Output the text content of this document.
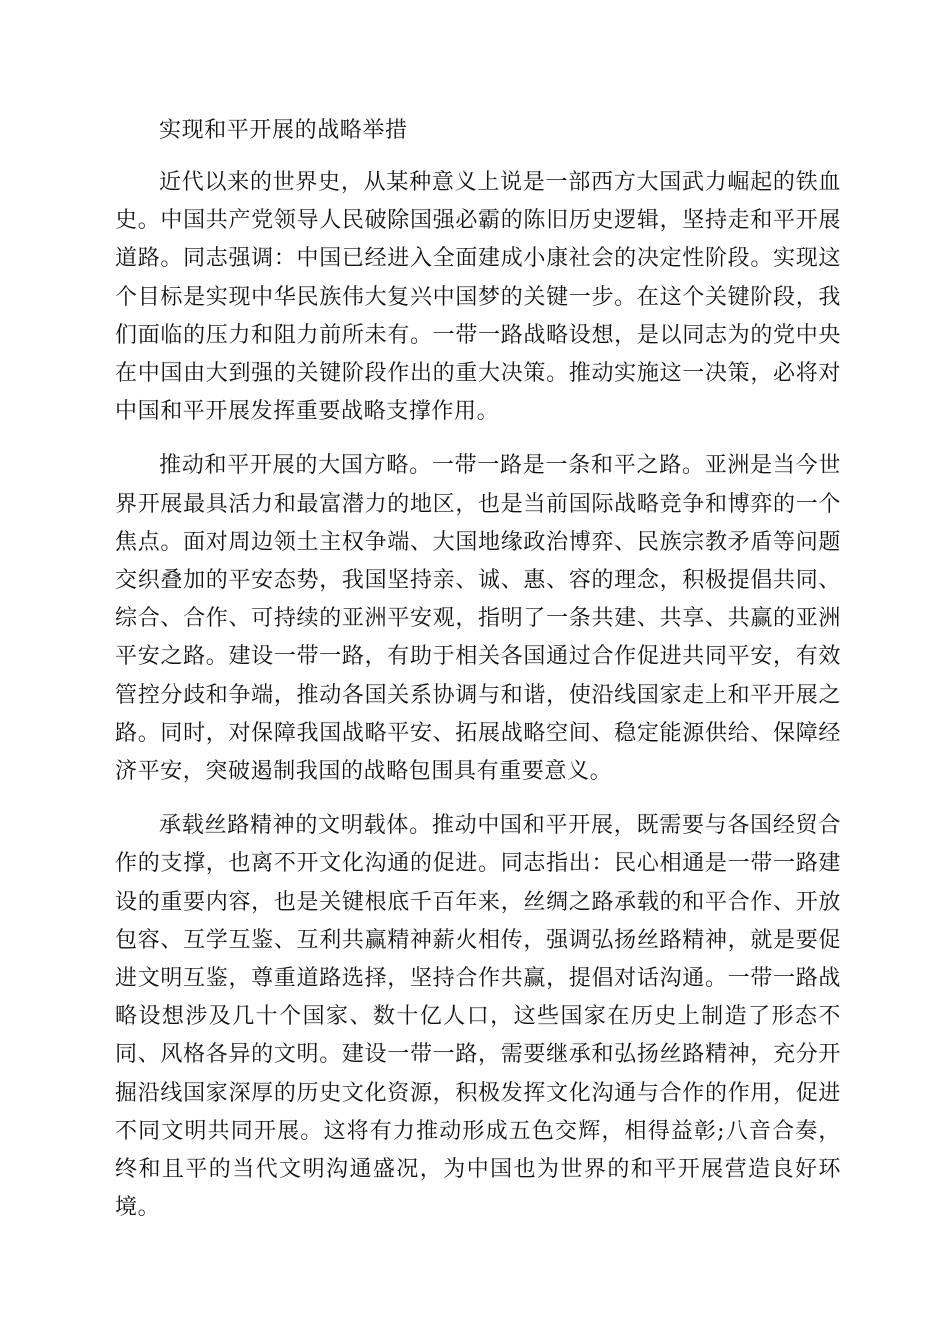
实现和平开展的战略举措

近代以来的世界史，从某种意义上说是一部西方大国武力崛起的铁血史。中国共产党领导人民破除国强必霸的陈旧历史逻辑，坚持走和平开展道路。同志强调：中国已经进入全面建成小康社会的决定性阶段。实现这个目标是实现中华民族伟大复兴中国梦的关键一步。在这个关键阶段，我们面临的压力和阻力前所未有。一带一路战略设想，是以同志为的党中央在中国由大到强的关键阶段作出的重大决策。推动实施这一决策，必将对中国和平开展发挥重要战略支撑作用。

推动和平开展的大国方略。一带一路是一条和平之路。亚洲是当今世界开展最具活力和最富潜力的地区，也是当前国际战略竞争和博弈的一个焦点。面对周边领土主权争端、大国地缘政治博弈、民族宗教矛盾等问题交织叠加的平安态势，我国坚持亲、诚、惠、容的理念，积极提倡共同、综合、合作、可持续的亚洲平安观，指明了一条共建、共享、共赢的亚洲平安之路。建设一带一路，有助于相关各国通过合作促进共同平安，有效管控分歧和争端，推动各国关系协调与和谐，使沿线国家走上和平开展之路。同时，对保障我国战略平安、拓展战略空间、稳定能源供给、保障经济平安，突破遏制我国的战略包围具有重要意义。

承载丝路精神的文明载体。推动中国和平开展，既需要与各国经贸合作的支撑，也离不开文化沟通的促进。同志指出：民心相通是一带一路建设的重要内容，也是关键根底千百年来，丝绸之路承载的和平合作、开放包容、互学互鉴、互利共赢精神薪火相传，强调弘扬丝路精神，就是要促进文明互鉴，尊重道路选择，坚持合作共赢，提倡对话沟通。一带一路战略设想涉及几十个国家、数十亿人口，这些国家在历史上制造了形态不同、风格各异的文明。建设一带一路，需要继承和弘扬丝路精神，充分开掘沿线国家深厚的历史文化资源，积极发挥文化沟通与合作的作用，促进不同文明共同开展。这将有力推动形成五色交辉，相得益彰;八音合奏，终和且平的当代文明沟通盛况，为中国也为世界的和平开展营造良好环境。
